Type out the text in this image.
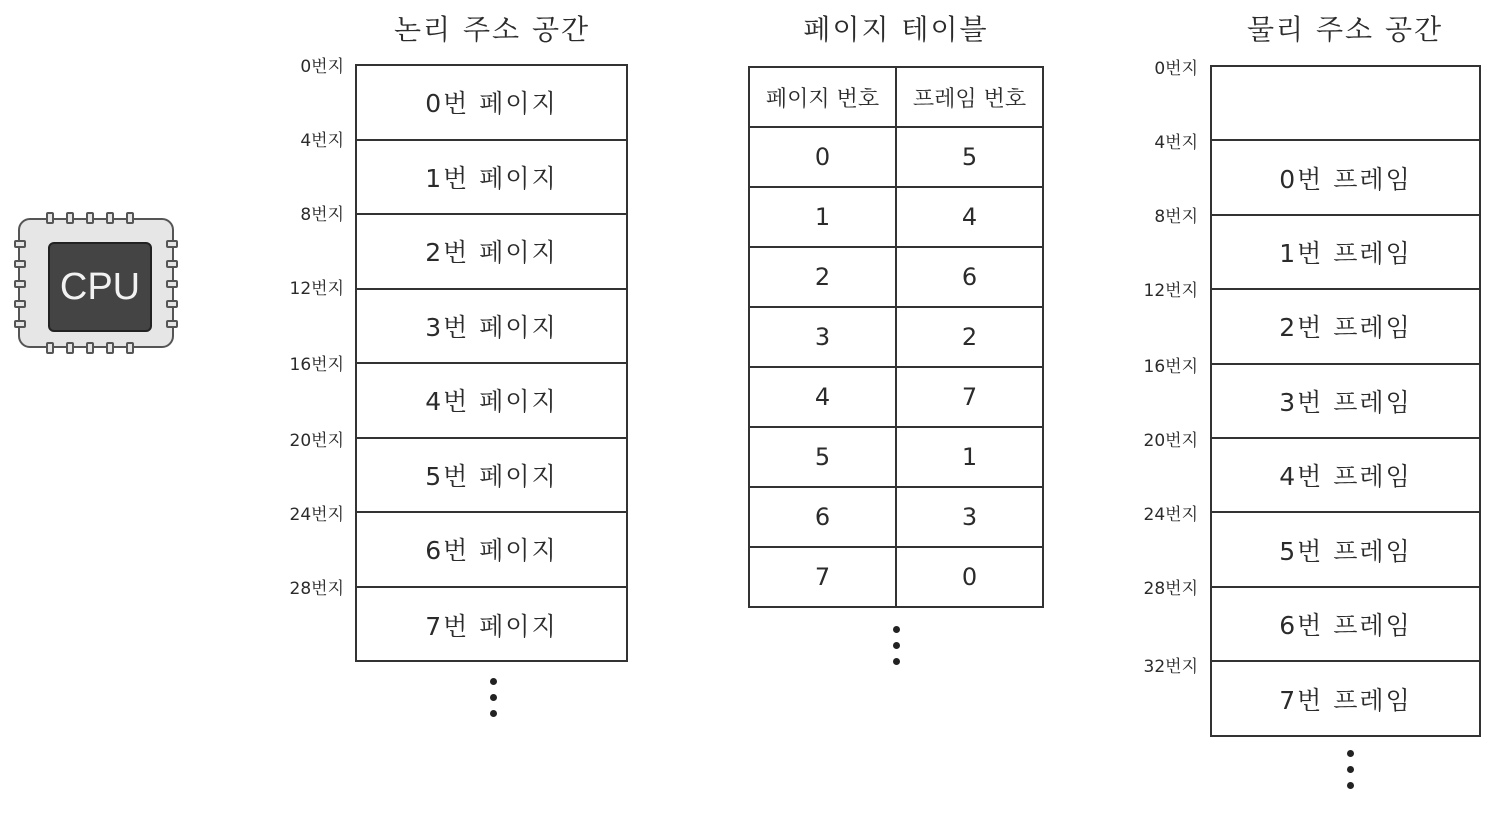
CPU
논리 주소 공간
0번지
4번지
8번지
12번지
16번지
20번지
24번지
28번지
0번 페이지
1번 페이지
2번 페이지
3번 페이지
4번 페이지
5번 페이지
6번 페이지
7번 페이지
페이지 테이블
페이지 번호	프레임 번호
0	5
1	4
2	6
3	2
4	7
5	1
6	3
7	0
물리 주소 공간
0번지
4번지
8번지
12번지
16번지
20번지
24번지
28번지
32번지
0번 프레임
1번 프레임
2번 프레임
3번 프레임
4번 프레임
5번 프레임
6번 프레임
7번 프레임
